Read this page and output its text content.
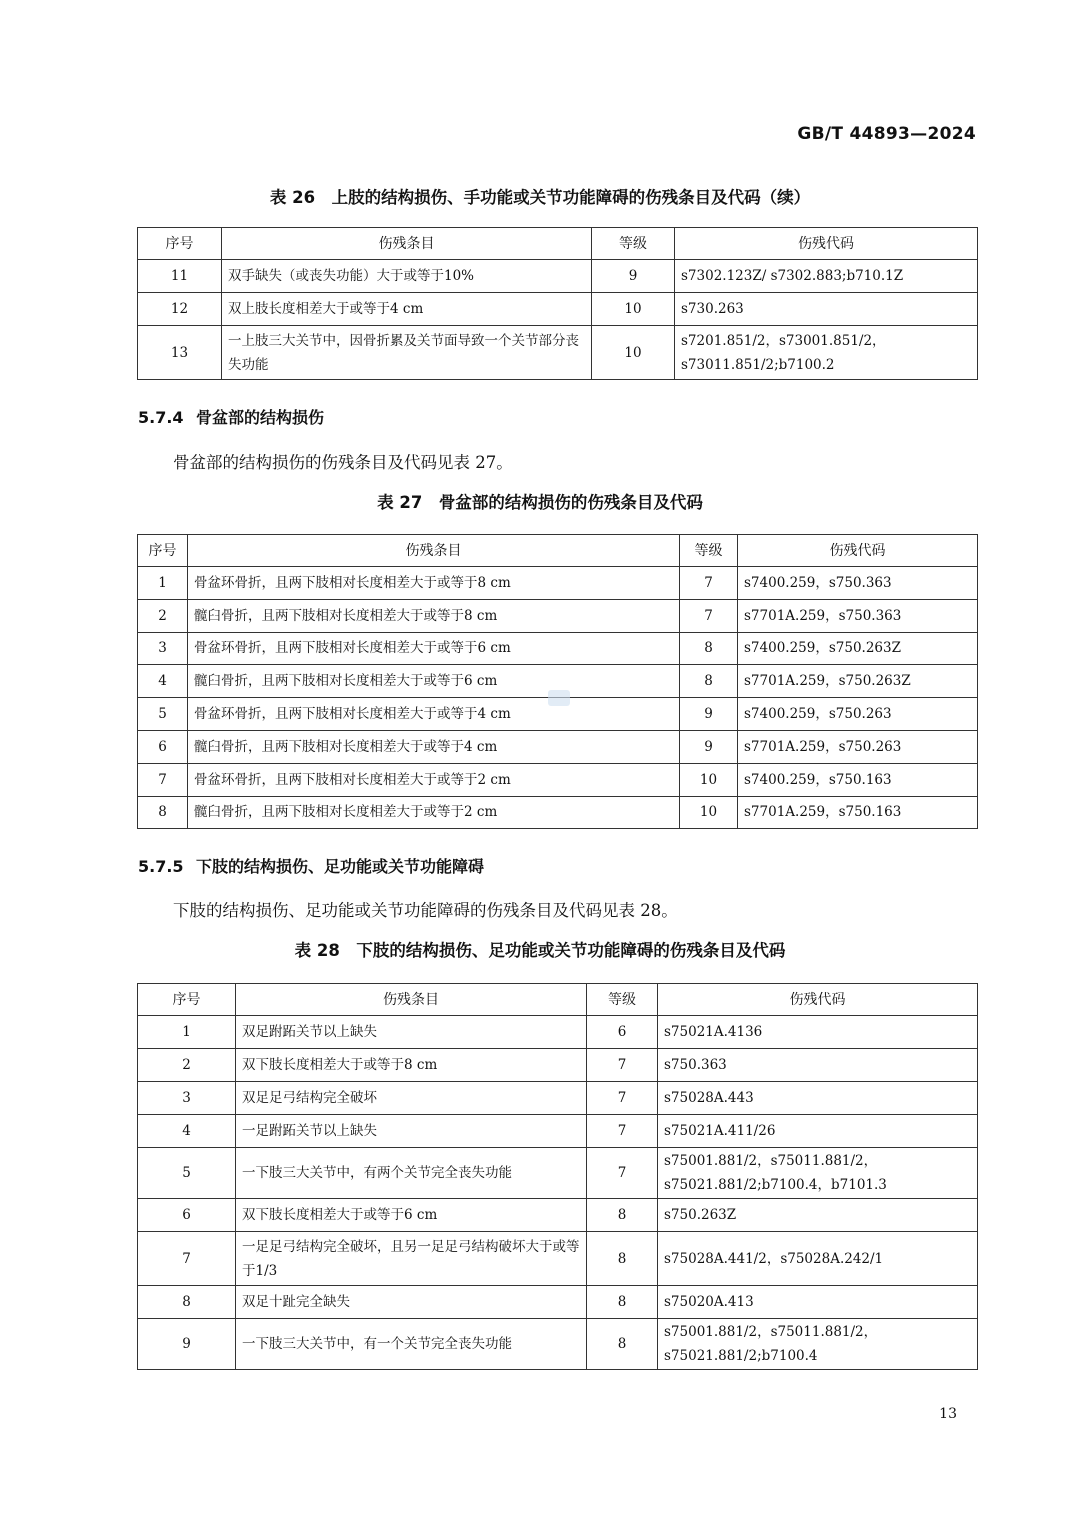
GB/T 44893—2024
表 26　上肢的结构损伤、手功能或关节功能障碍的伤残条目及代码（续）
序号	伤残条目	等级	伤残代码
11	双手缺失（或丧失功能）大于或等于10%	9	s7302.123Z/ s7302.883;b710.1Z
12	双上肢长度相差大于或等于4 cm	10	s730.263
13	一上肢三大关节中，因骨折累及关节面导致一个关节部分丧失功能	10	s7201.851/2，s73001.851/2，s73011.851/2;b7100.2
5.7.4 骨盆部的结构损伤
骨盆部的结构损伤的伤残条目及代码见表 27。
表 27　骨盆部的结构损伤的伤残条目及代码
序号	伤残条目	等级	伤残代码
1	骨盆环骨折，且两下肢相对长度相差大于或等于8 cm	7	s7400.259，s750.363
2	髋臼骨折，且两下肢相对长度相差大于或等于8 cm	7	s7701A.259，s750.363
3	骨盆环骨折，且两下肢相对长度相差大于或等于6 cm	8	s7400.259，s750.263Z
4	髋臼骨折，且两下肢相对长度相差大于或等于6 cm	8	s7701A.259，s750.263Z
5	骨盆环骨折，且两下肢相对长度相差大于或等于4 cm	9	s7400.259，s750.263
6	髋臼骨折，且两下肢相对长度相差大于或等于4 cm	9	s7701A.259，s750.263
7	骨盆环骨折，且两下肢相对长度相差大于或等于2 cm	10	s7400.259，s750.163
8	髋臼骨折，且两下肢相对长度相差大于或等于2 cm	10	s7701A.259，s750.163
5.7.5 下肢的结构损伤、足功能或关节功能障碍
下肢的结构损伤、足功能或关节功能障碍的伤残条目及代码见表 28。
表 28　下肢的结构损伤、足功能或关节功能障碍的伤残条目及代码
序号	伤残条目	等级	伤残代码
1	双足跗跖关节以上缺失	6	s75021A.4136
2	双下肢长度相差大于或等于8 cm	7	s750.363
3	双足足弓结构完全破坏	7	s75028A.443
4	一足跗跖关节以上缺失	7	s75021A.411/26
5	一下肢三大关节中，有两个关节完全丧失功能	7	s75001.881/2，s75011.881/2，s75021.881/2;b7100.4，b7101.3
6	双下肢长度相差大于或等于6 cm	8	s750.263Z
7	一足足弓结构完全破坏，且另一足足弓结构破坏大于或等于1/3	8	s75028A.441/2，s75028A.242/1
8	双足十趾完全缺失	8	s75020A.413
9	一下肢三大关节中，有一个关节完全丧失功能	8	s75001.881/2，s75011.881/2，s75021.881/2;b7100.4
13
